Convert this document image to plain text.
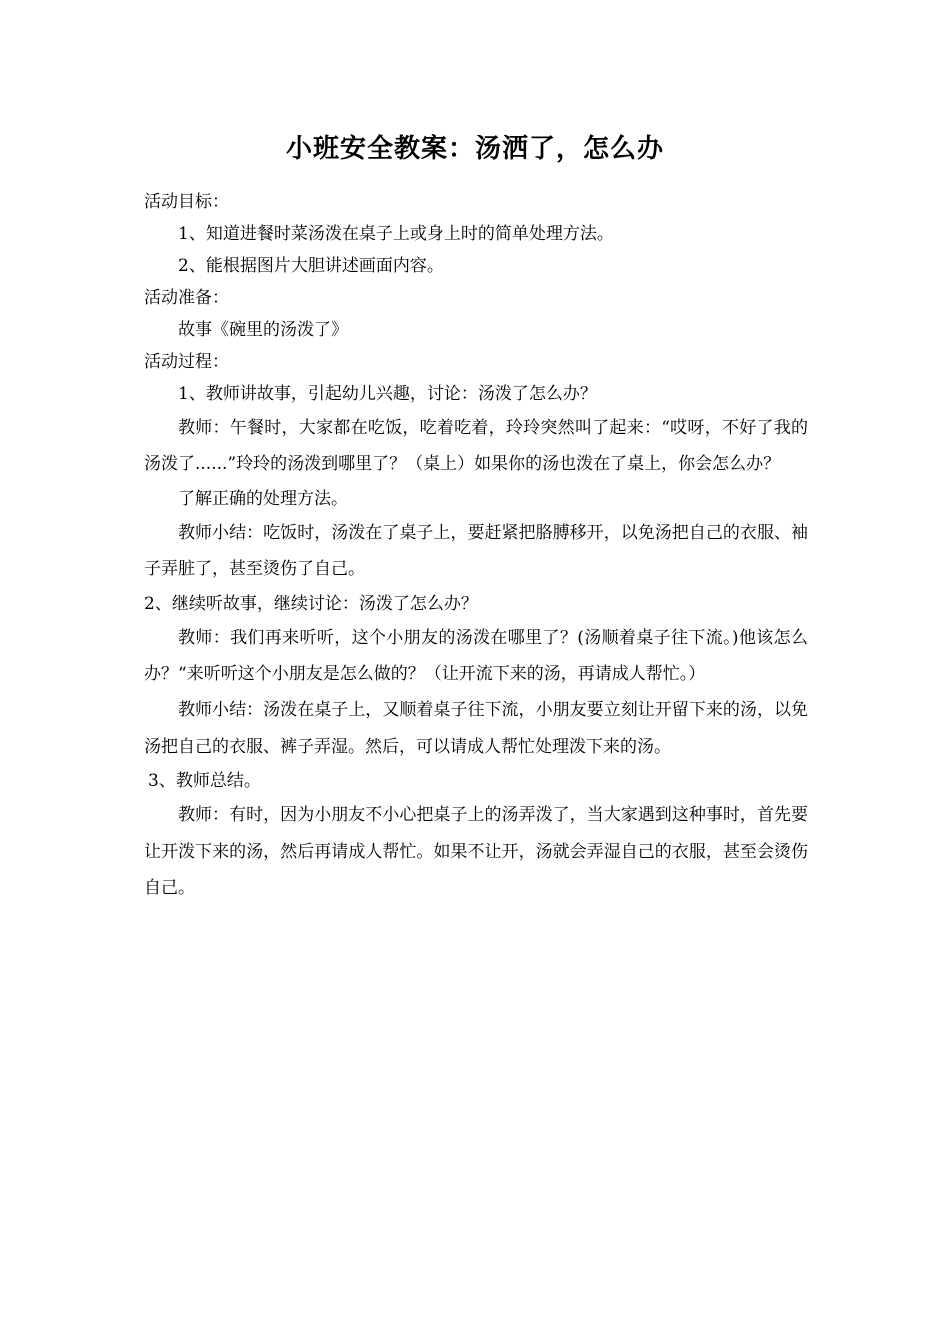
小班安全教案：汤洒了，怎么办
活动目标：
1、知道进餐时菜汤泼在桌子上或身上时的简单处理方法。
2、能根据图片大胆讲述画面内容。
活动准备：
故事《碗里的汤泼了》
活动过程：
1、教师讲故事，引起幼儿兴趣，讨论：汤泼了怎么办？
教师：午餐时，大家都在吃饭，吃着吃着，玲玲突然叫了起来：“哎呀，不好了我的汤泼了......”玲玲的汤泼到哪里了？（桌上）如果你的汤也泼在了桌上，你会怎么办？
了解正确的处理方法。
教师小结：吃饭时，汤泼在了桌子上，要赶紧把胳膊移开，以免汤把自己的衣服、袖子弄脏了，甚至烫伤了自己。
2、继续听故事，继续讨论：汤泼了怎么办？
教师：我们再来听听，这个小朋友的汤泼在哪里了？(汤顺着桌子往下流。)他该怎么办？“来听听这个小朋友是怎么做的？（让开流下来的汤，再请成人帮忙。）
教师小结：汤泼在桌子上，又顺着桌子往下流，小朋友要立刻让开留下来的汤，以免汤把自己的衣服、裤子弄湿。然后，可以请成人帮忙处理泼下来的汤。
3、教师总结。
教师：有时，因为小朋友不小心把桌子上的汤弄泼了，当大家遇到这种事时，首先要让开泼下来的汤，然后再请成人帮忙。如果不让开，汤就会弄湿自己的衣服，甚至会烫伤自己。
